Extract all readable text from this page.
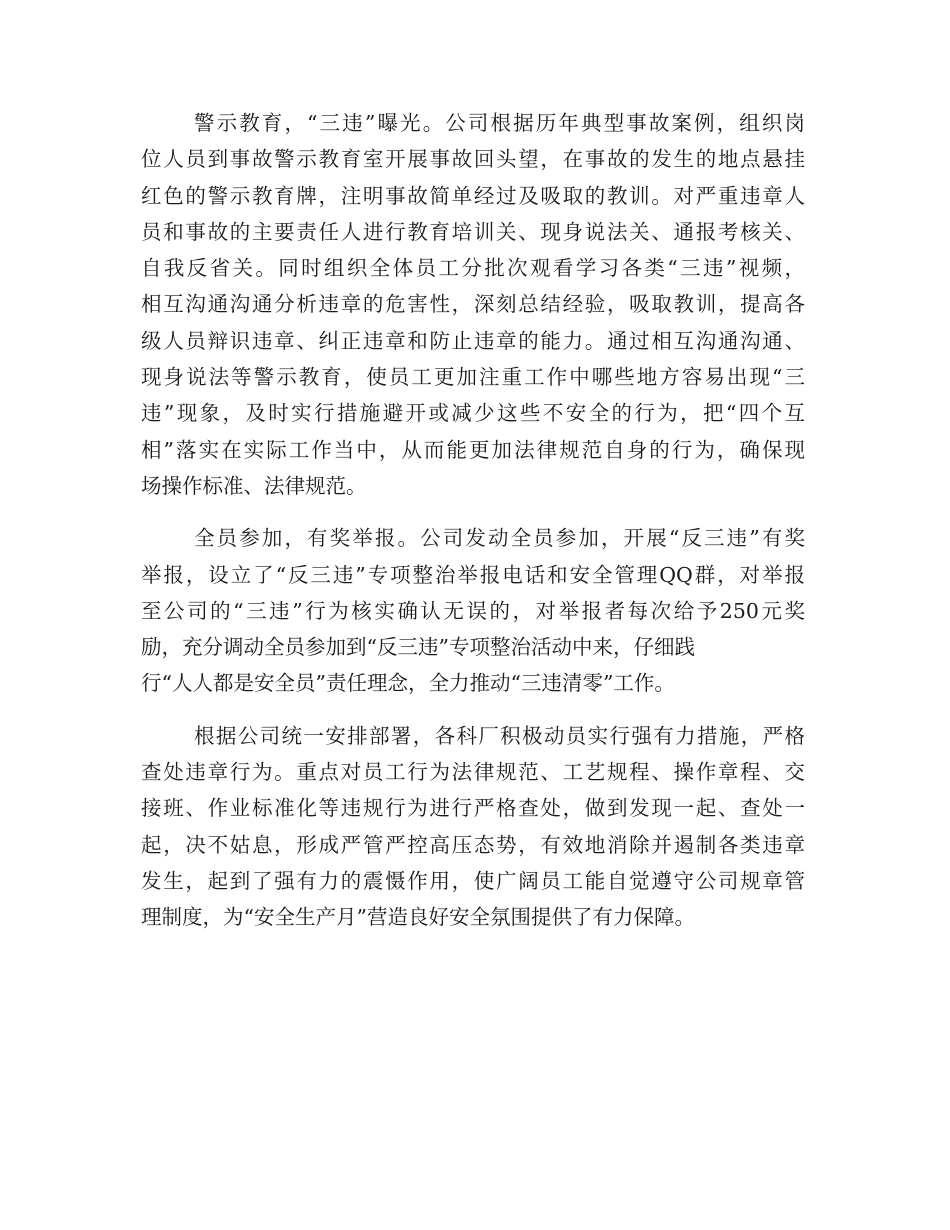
警示教育，“三违”曝光。公司根据历年典型事故案例，组织岗
位人员到事故警示教育室开展事故回头望，在事故的发生的地点悬挂
红色的警示教育牌，注明事故简单经过及吸取的教训。对严重违章人
员和事故的主要责任人进行教育培训关、现身说法关、通报考核关、
自我反省关。同时组织全体员工分批次观看学习各类“三违”视频，
相互沟通沟通分析违章的危害性，深刻总结经验，吸取教训，提高各
级人员辩识违章、纠正违章和防止违章的能力。通过相互沟通沟通、
现身说法等警示教育，使员工更加注重工作中哪些地方容易出现“三
违”现象，及时实行措施避开或减少这些不安全的行为，把“四个互
相”落实在实际工作当中，从而能更加法律规范自身的行为，确保现
场操作标准、法律规范。
全员参加，有奖举报。公司发动全员参加，开展“反三违”有奖
举报，设立了“反三违”专项整治举报电话和安全管理QQ群，对举报
至公司的“三违”行为核实确认无误的，对举报者每次给予250元奖
励，充分调动全员参加到“反三违”专项整治活动中来，仔细践
行“人人都是安全员”责任理念，全力推动“三违清零”工作。
根据公司统一安排部署，各科厂积极动员实行强有力措施，严格
查处违章行为。重点对员工行为法律规范、工艺规程、操作章程、交
接班、作业标准化等违规行为进行严格查处，做到发现一起、查处一
起，决不姑息，形成严管严控高压态势，有效地消除并遏制各类违章
发生，起到了强有力的震慑作用，使广阔员工能自觉遵守公司规章管
理制度，为“安全生产月”营造良好安全氛围提供了有力保障。
